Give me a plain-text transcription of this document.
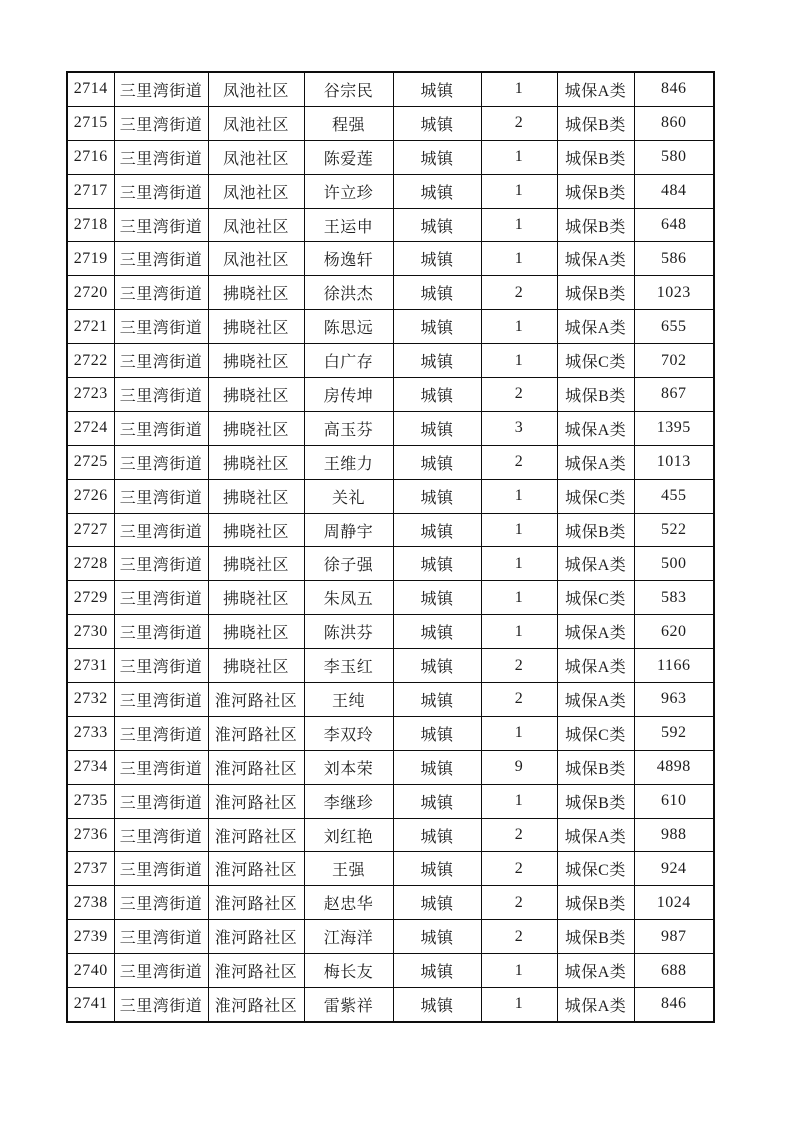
2714	三里湾街道	凤池社区	谷宗民	城镇	1	城保A类	846
2715	三里湾街道	凤池社区	程强	城镇	2	城保B类	860
2716	三里湾街道	凤池社区	陈爱莲	城镇	1	城保B类	580
2717	三里湾街道	凤池社区	许立珍	城镇	1	城保B类	484
2718	三里湾街道	凤池社区	王运申	城镇	1	城保B类	648
2719	三里湾街道	凤池社区	杨逸轩	城镇	1	城保A类	586
2720	三里湾街道	拂晓社区	徐洪杰	城镇	2	城保B类	1023
2721	三里湾街道	拂晓社区	陈思远	城镇	1	城保A类	655
2722	三里湾街道	拂晓社区	白广存	城镇	1	城保C类	702
2723	三里湾街道	拂晓社区	房传坤	城镇	2	城保B类	867
2724	三里湾街道	拂晓社区	高玉芬	城镇	3	城保A类	1395
2725	三里湾街道	拂晓社区	王维力	城镇	2	城保A类	1013
2726	三里湾街道	拂晓社区	关礼	城镇	1	城保C类	455
2727	三里湾街道	拂晓社区	周静宇	城镇	1	城保B类	522
2728	三里湾街道	拂晓社区	徐子强	城镇	1	城保A类	500
2729	三里湾街道	拂晓社区	朱凤五	城镇	1	城保C类	583
2730	三里湾街道	拂晓社区	陈洪芬	城镇	1	城保A类	620
2731	三里湾街道	拂晓社区	李玉红	城镇	2	城保A类	1166
2732	三里湾街道	淮河路社区	王纯	城镇	2	城保A类	963
2733	三里湾街道	淮河路社区	李双玲	城镇	1	城保C类	592
2734	三里湾街道	淮河路社区	刘本荣	城镇	9	城保B类	4898
2735	三里湾街道	淮河路社区	李继珍	城镇	1	城保B类	610
2736	三里湾街道	淮河路社区	刘红艳	城镇	2	城保A类	988
2737	三里湾街道	淮河路社区	王强	城镇	2	城保C类	924
2738	三里湾街道	淮河路社区	赵忠华	城镇	2	城保B类	1024
2739	三里湾街道	淮河路社区	江海洋	城镇	2	城保B类	987
2740	三里湾街道	淮河路社区	梅长友	城镇	1	城保A类	688
2741	三里湾街道	淮河路社区	雷紫祥	城镇	1	城保A类	846
